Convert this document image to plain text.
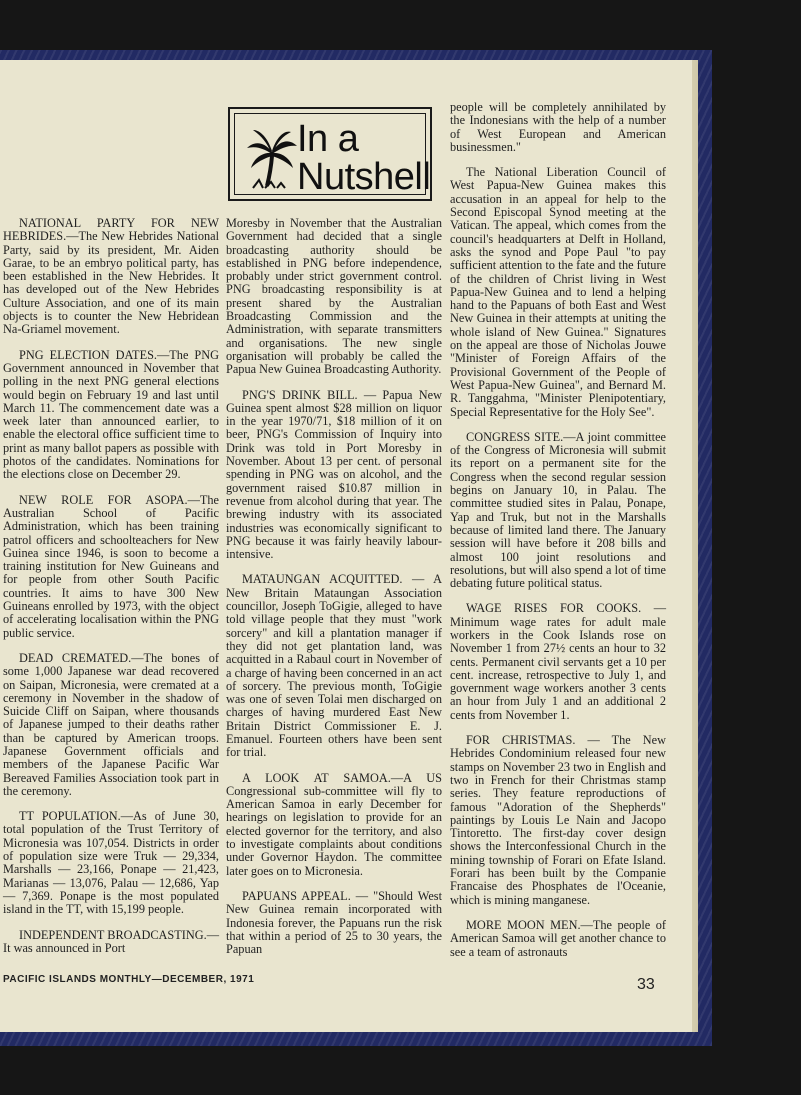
In a
Nutshell

NATIONAL PARTY FOR NEW HEBRIDES.—The New Hebrides National Party, said by its president, Mr. Aiden Garae, to be an embryo political party, has been established in the New Hebrides. It has developed out of the New Hebrides Culture Association, and one of its main objects is to counter the New Hebridean Na-Griamel movement.

PNG ELECTION DATES.—The PNG Government announced in November that polling in the next PNG general elections would begin on February 19 and last until March 11. The commencement date was a week later than announced earlier, to enable the electoral office sufficient time to print as many ballot papers as possible with photos of the candidates. Nominations for the elections close on December 29.

NEW ROLE FOR ASOPA.—The Australian School of Pacific Administration, which has been training patrol officers and schoolteachers for New Guinea since 1946, is soon to become a training institution for New Guineans and for people from other South Pacific countries. It aims to have 300 New Guineans enrolled by 1973, with the object of accelerating localisation within the PNG public service.

DEAD CREMATED.—The bones of some 1,000 Japanese war dead recovered on Saipan, Micronesia, were cremated at a ceremony in November in the shadow of Suicide Cliff on Saipan, where thousands of Japanese jumped to their deaths rather than be captured by American troops. Japanese Government officials and members of the Japanese Pacific War Bereaved Families Association took part in the ceremony.

TT POPULATION.—As of June 30, total population of the Trust Territory of Micronesia was 107,054. Districts in order of population size were Truk — 29,334, Marshalls — 23,166, Ponape — 21,423, Marianas — 13,076, Palau — 12,686, Yap — 7,369. Ponape is the most populated island in the TT, with 15,199 people.

INDEPENDENT BROADCASTING.—It was announced in Port

Moresby in November that the Australian Government had decided that a single broadcasting authority should be established in PNG before independence, probably under strict government control. PNG broadcasting responsibility is at present shared by the Australian Broadcasting Commission and the Administration, with separate transmitters and organisations. The new single organisation will probably be called the Papua New Guinea Broadcasting Authority.

PNG'S DRINK BILL. — Papua New Guinea spent almost $28 million on liquor in the year 1970/71, $18 million of it on beer, PNG's Commission of Inquiry into Drink was told in Port Moresby in November. About 13 per cent. of personal spending in PNG was on alcohol, and the government raised $10.87 million in revenue from alcohol during that year. The brewing industry with its associated industries was economically significant to PNG because it was fairly heavily labour-intensive.

MATAUNGAN ACQUITTED. — A New Britain Mataungan Association councillor, Joseph ToGigie, alleged to have told village people that they must "work sorcery" and kill a plantation manager if they did not get plantation land, was acquitted in a Rabaul court in November of a charge of having been concerned in an act of sorcery. The previous month, ToGigie was one of seven Tolai men discharged on charges of having murdered East New Britain District Commissioner E. J. Emanuel. Fourteen others have been sent for trial.

A LOOK AT SAMOA.—A US Congressional sub-committee will fly to American Samoa in early December for hearings on legislation to provide for an elected governor for the territory, and also to investigate complaints about conditions under Governor Haydon. The committee later goes on to Micronesia.

PAPUANS APPEAL. — "Should West New Guinea remain incorporated with Indonesia forever, the Papuans run the risk that within a period of 25 to 30 years, the Papuan

people will be completely annihilated by the Indonesians with the help of a number of West European and American businessmen."

The National Liberation Council of West Papua-New Guinea makes this accusation in an appeal for help to the Second Episcopal Synod meeting at the Vatican. The appeal, which comes from the council's headquarters at Delft in Holland, asks the synod and Pope Paul "to pay sufficient attention to the fate and the future of the children of Christ living in West Papua-New Guinea and to lend a helping hand to the Papuans of both East and West New Guinea in their attempts at uniting the whole island of New Guinea." Signatures on the appeal are those of Nicholas Jouwe "Minister of Foreign Affairs of the Provisional Government of the People of West Papua-New Guinea", and Bernard M. R. Tanggahma, "Minister Plenipotentiary, Special Representative for the Holy See".

CONGRESS SITE.—A joint committee of the Congress of Micronesia will submit its report on a permanent site for the Congress when the second regular session begins on January 10, in Palau. The committee studied sites in Palau, Ponape, Yap and Truk, but not in the Marshalls because of limited land there. The January session will have before it 208 bills and almost 100 joint resolutions and resolutions, but will also spend a lot of time debating future political status.

WAGE RISES FOR COOKS. — Minimum wage rates for adult male workers in the Cook Islands rose on November 1 from 27½ cents an hour to 32 cents. Permanent civil servants get a 10 per cent. increase, retrospective to July 1, and government wage workers another 3 cents an hour from July 1 and an additional 2 cents from November 1.

FOR CHRISTMAS. — The New Hebrides Condominium released four new stamps on November 23 two in English and two in French for their Christmas stamp series. They feature reproductions of famous "Adoration of the Shepherds" paintings by Louis Le Nain and Jacopo Tintoretto. The first-day cover design shows the Interconfessional Church in the mining township of Forari on Efate Island. Forari has been built by the Companie Francaise des Phosphates de l'Oceanie, which is mining manganese.

MORE MOON MEN.—The people of American Samoa will get another chance to see a team of astronauts

PACIFIC ISLANDS MONTHLY—DECEMBER, 1971	33
